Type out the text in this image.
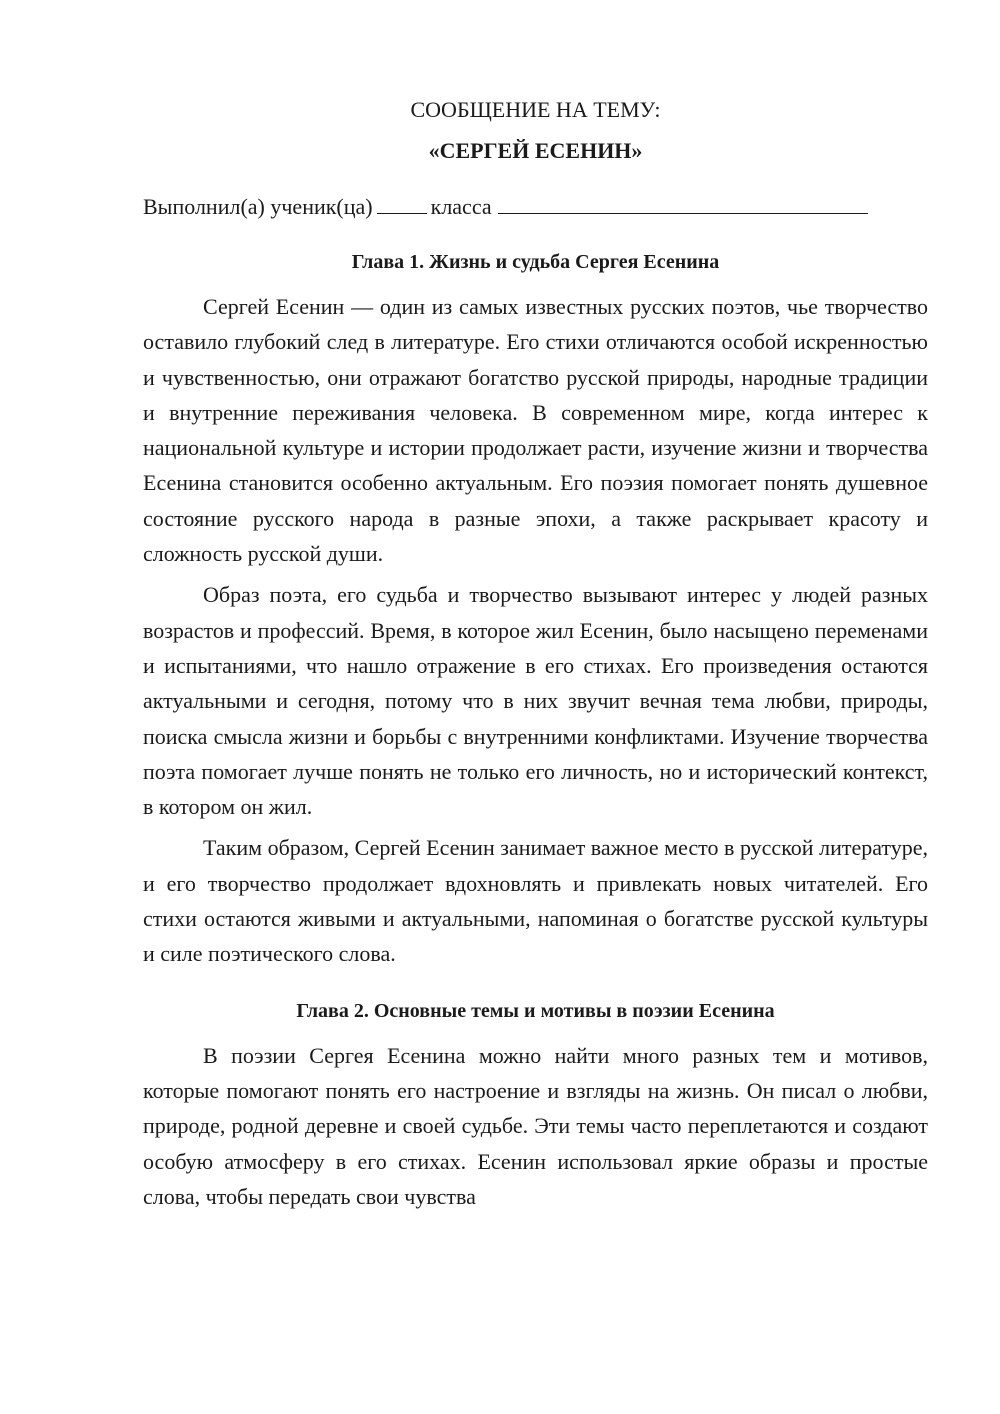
СООБЩЕНИЕ НА ТЕМУ:
«СЕРГЕЙ ЕСЕНИН»

Выполнил(а) ученик(ца)	класса

Глава 1. Жизнь и судьба Сергея Есенина

Сергей Есенин — один из самых известных русских поэтов, чье творчество оставило глубокий след в литературе. Его стихи отличаются особой искренностью и чувственностью, они отражают богатство русской природы, народные традиции и внутренние переживания человека. В современном мире, когда интерес к национальной культуре и истории продолжает расти, изучение жизни и творчества Есенина становится особенно актуальным. Его поэзия помогает понять душевное состояние русского народа в разные эпохи, а также раскрывает красоту и сложность русской души.

Образ поэта, его судьба и творчество вызывают интерес у людей разных возрастов и профессий. Время, в которое жил Есенин, было насыщено переменами и испытаниями, что нашло отражение в его стихах. Его произведения остаются актуальными и сегодня, потому что в них звучит вечная тема любви, природы, поиска смысла жизни и борьбы с внутренними конфликтами. Изучение творчества поэта помогает лучше понять не только его личность, но и исторический контекст, в котором он жил.

Таким образом, Сергей Есенин занимает важное место в русской литературе, и его творчество продолжает вдохновлять и привлекать новых читателей. Его стихи остаются живыми и актуальными, напоминая о богатстве русской культуры и силе поэтического слова.

Глава 2. Основные темы и мотивы в поэзии Есенина

В поэзии Сергея Есенина можно найти много разных тем и мотивов, которые помогают понять его настроение и взгляды на жизнь. Он писал о любви, природе, родной деревне и своей судьбе. Эти темы часто переплетаются и создают особую атмосферу в его стихах. Есенин использовал яркие образы и простые слова, чтобы передать свои чувства
